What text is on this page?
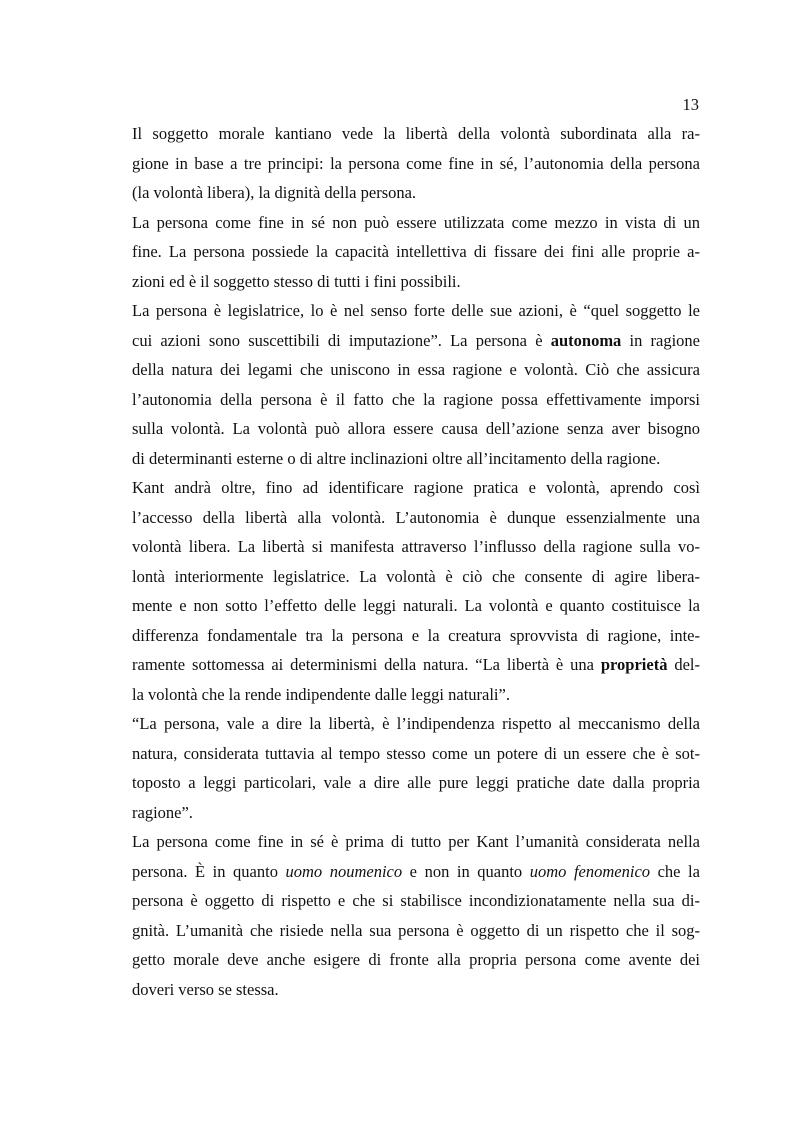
13
Il soggetto morale kantiano vede la libertà della volontà subordinata alla ra-
gione in base a tre principi: la persona come fine in sé, l’autonomia della persona
(la volontà libera), la dignità della persona.
La persona come fine in sé non può essere utilizzata come mezzo in vista di un
fine. La persona possiede la capacità intellettiva di fissare dei fini alle proprie a-
zioni ed è il soggetto stesso di tutti i fini possibili.
La persona è legislatrice, lo è nel senso forte delle sue azioni, è “quel soggetto le
cui azioni sono suscettibili di imputazione”. La persona è autonoma in ragione
della natura dei legami che uniscono in essa ragione e volontà. Ciò che assicura
l’autonomia della persona è il fatto che la ragione possa effettivamente imporsi
sulla volontà. La volontà può allora essere causa dell’azione senza aver bisogno
di determinanti esterne o di altre inclinazioni oltre all’incitamento della ragione.
Kant andrà oltre, fino ad identificare ragione pratica e volontà, aprendo così
l’accesso della libertà alla volontà. L’autonomia è dunque essenzialmente una
volontà libera. La libertà si manifesta attraverso l’influsso della ragione sulla vo-
lontà interiormente legislatrice. La volontà è ciò che consente di agire libera-
mente e non sotto l’effetto delle leggi naturali. La volontà e quanto costituisce la
differenza fondamentale tra la persona e la creatura sprovvista di ragione, inte-
ramente sottomessa ai determinismi della natura. “La libertà è una proprietà del-
la volontà che la rende indipendente dalle leggi naturali”.
“La persona, vale a dire la libertà, è l’indipendenza rispetto al meccanismo della
natura, considerata tuttavia al tempo stesso come un potere di un essere che è sot-
toposto a leggi particolari, vale a dire alle pure leggi pratiche date dalla propria
ragione”.
La persona come fine in sé è prima di tutto per Kant l’umanità considerata nella
persona. È in quanto uomo noumenico e non in quanto uomo fenomenico che la
persona è oggetto di rispetto e che si stabilisce incondizionatamente nella sua di-
gnità. L’umanità che risiede nella sua persona è oggetto di un rispetto che il sog-
getto morale deve anche esigere di fronte alla propria persona come avente dei
doveri verso se stessa.
